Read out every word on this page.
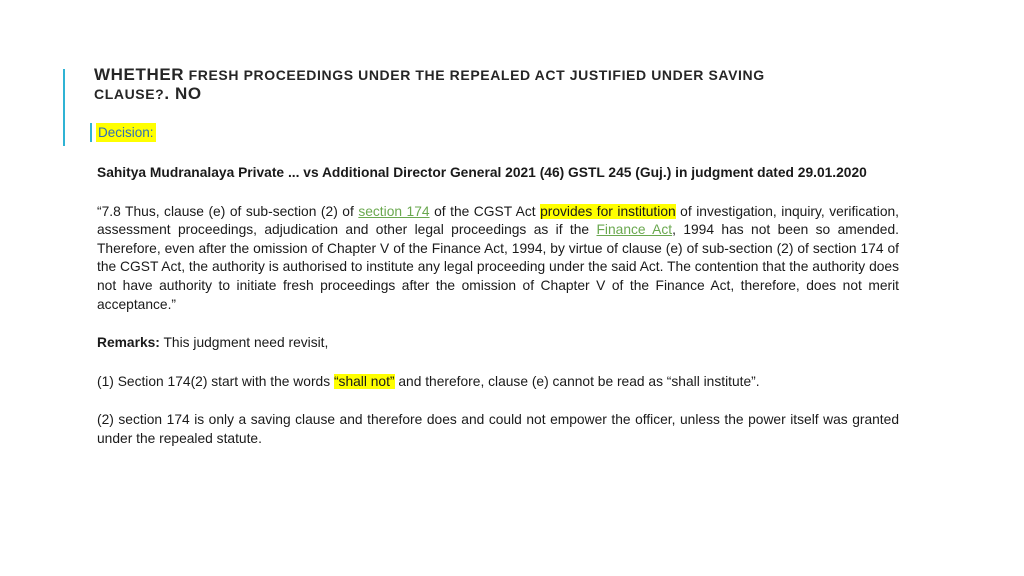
WHETHER FRESH PROCEEDINGS UNDER THE REPEALED ACT JUSTIFIED UNDER SAVING
CLAUSE?. NO
Decision:

Sahitya Mudranalaya Private ... vs Additional Director General 2021 (46) GSTL 245 (Guj.) in judgment dated 29.01.2020

“7.8 Thus, clause (e) of sub-section (2) of section 174 of the CGST Act provides for institution of investigation, inquiry, verification, assessment proceedings, adjudication and other legal proceedings as if the Finance Act, 1994 has not been so amended. Therefore, even after the omission of Chapter V of the Finance Act, 1994, by virtue of clause (e) of sub-section (2) of section 174 of the CGST Act, the authority is authorised to institute any legal proceeding under the said Act. The contention that the authority does not have authority to initiate fresh proceedings after the omission of Chapter V of the Finance Act, therefore, does not merit acceptance.”

Remarks: This judgment need revisit,

(1) Section 174(2) start with the words “shall not” and therefore, clause (e) cannot be read as “shall institute”.

(2) section 174 is only a saving clause and therefore does and could not empower the officer, unless the power itself was granted under the repealed statute.
